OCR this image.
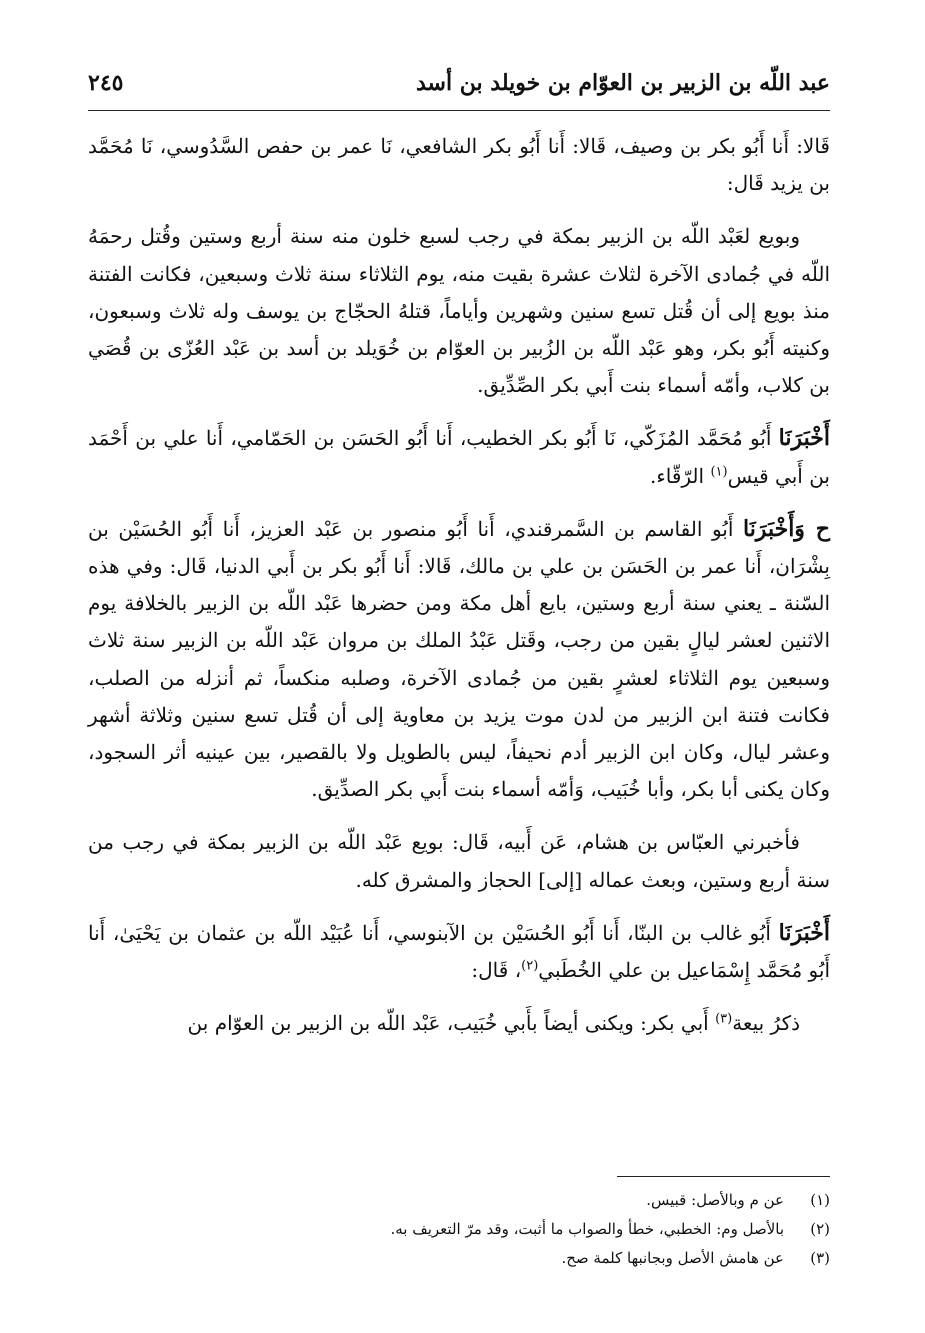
عبد اللّه بن الزبير بن العوّام بن خويلد بن أسد
٢٤٥

قَالا: أَنا أَبُو بكر بن وصيف، قَالا: أَنا أَبُو بكر الشافعي، نَا عمر بن حفص السَّدُوسي، نَا مُحَمَّد بن يزيد قَال:

وبويع لعَبْد اللّه بن الزبير بمكة في رجب لسبع خلون منه سنة أربع وستين وقُتل رحمَهُ اللّه في جُمادى الآخرة لثلاث عشرة بقيت منه، يوم الثلاثاء سنة ثلاث وسبعين، فكانت الفتنة منذ بويع إلى أن قُتل تسع سنين وشهرين وأياماً، قتلهُ الحجّاج بن يوسف وله ثلاث وسبعون، وكنيته أَبُو بكر، وهو عَبْد اللّه بن الزُبير بن العوّام بن خُوَيلد بن أسد بن عَبْد العُزّى بن قُصَي بن كلاب، وأمّه أسماء بنت أَبي بكر الصِّدِّيق.

أَخْبَرَنَا أَبُو مُحَمَّد المُزَكّي، نَا أَبُو بكر الخطيب، أَنا أَبُو الحَسَن بن الحَمّامي، أَنا علي بن أَحْمَد بن أَبي قيس$^{(١)}$ الرّقّاء.

ح وَأَخْبَرَنَا أَبُو القاسم بن السَّمرقندي، أَنا أَبُو منصور بن عَبْد العزيز، أَنا أَبُو الحُسَيْن بن بِشْرَان، أَنا عمر بن الحَسَن بن علي بن مالك، قَالا: أَنا أَبُو بكر بن أَبي الدنيا، قَال: وفي هذه السّنة ـ يعني سنة أربع وستين، بايع أهل مكة ومن حضرها عَبْد اللّه بن الزبير بالخلافة يوم الاثنين لعشر ليالٍ بقين من رجب، وقَتل عَبْدُ الملك بن مروان عَبْد اللّه بن الزبير سنة ثلاث وسبعين يوم الثلاثاء لعشرٍ بقين من جُمادى الآخرة، وصلبه منكساً، ثم أنزله من الصلب، فكانت فتنة ابن الزبير من لدن موت يزيد بن معاوية إلى أن قُتل تسع سنين وثلاثة أشهر وعشر ليال، وكان ابن الزبير أدم نحيفاً، ليس بالطويل ولا بالقصير، بين عينيه أثر السجود، وكان يكنى أبا بكر، وأبا خُبَيب، وَأمّه أسماء بنت أَبي بكر الصدِّيق.

فأخبرني العبّاس بن هشام، عَن أَبيه، قَال: بويع عَبْد اللّه بن الزبير بمكة في رجب من سنة أربع وستين، وبعث عماله [إلى] الحجاز والمشرق كله.

أَخْبَرَنَا أَبُو غالب بن البنّا، أَنا أَبُو الحُسَيْن بن الآبنوسي، أَنا عُبَيْد اللّه بن عثمان بن يَحْيَىٰ، أَنا أَبُو مُحَمَّد إِسْمَاعيل بن علي الخُطَبي$^{(٢)}$، قَال:

ذكرُ بيعة$^{(٣)}$ أَبي بكر: ويكنى أيضاً بأَبي خُبَيب، عَبْد اللّه بن الزبير بن العوّام بن

(١)
عن م وبالأصل: قبيس.
(٢)
بالأصل وم: الخطبي، خطأ والصواب ما أثبت، وقد مرّ التعريف به.
(٣)
عن هامش الأصل وبجانبها كلمة صح.
